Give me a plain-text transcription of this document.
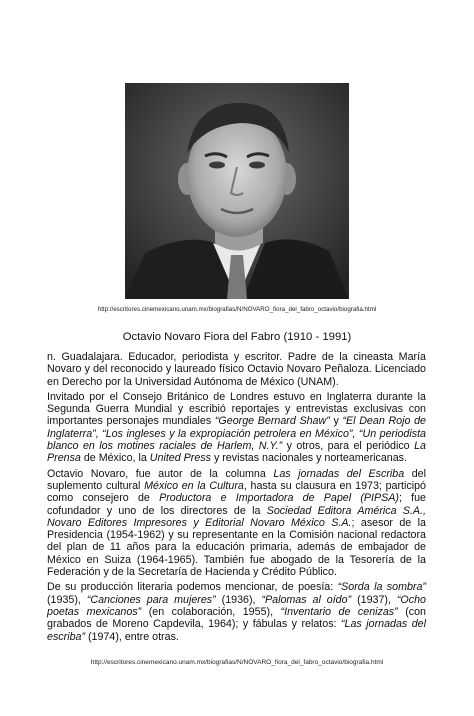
http://escritores.cinemexicano.unam.mx/biografias/N/NOVARO_fiora_del_fabro_octavio/biografia.html
Octavio Novaro Fiora del Fabro (1910 - 1991)

n. Guadalajara. Educador, periodista y escritor. Padre de la cineasta María Novaro y del reconocido y laureado físico Octavio Novaro Peñaloza. Licenciado en Derecho por la Universidad Autónoma de México (UNAM).

Invitado por el Consejo Británico de Londres estuvo en Inglaterra durante la Segunda Guerra Mundial y escribió reportajes y entrevistas exclusivas con importantes personajes mundiales “George Bernard Shaw” y “El Dean Rojo de Inglaterra”, “Los ingleses y la expropiación petrolera en México”, “Un periodista blanco en los motines raciales de Harlem, N.Y.” y otros, para el periódico La Prensa de México, la United Press y revistas nacionales y norteamericanas.

Octavio Novaro, fue autor de la columna Las jornadas del Escriba del suplemento cultural México en la Cultura, hasta su clausura en 1973; participó como consejero de Productora e Importadora de Papel (PIPSA); fue cofundador y uno de los directores de la Sociedad Editora América S.A., Novaro Editores Impresores y Editorial Novaro México S.A.; asesor de la Presidencia (1954-1962) y su representante en la Comisión nacional redactora del plan de 11 años para la educación primaria, además de embajador de México en Suiza (1964-1965). También fue abogado de la Tesorería de la Federación y de la Secretaría de Hacienda y Crédito Público.

De su producción literaria podemos mencionar, de poesía: “Sorda la sombra” (1935), “Canciones para mujeres” (1936), “Palomas al oído” (1937), “Ocho poetas mexicanos” (en colaboración, 1955), “Inventario de cenizas” (con grabados de Moreno Capdevila, 1964); y fábulas y relatos: “Las jornadas del escriba” (1974), entre otras.

http://escritores.cinemexicano.unam.mx/biografias/N/NOVARO_fiora_del_fabro_octavio/biografia.html
